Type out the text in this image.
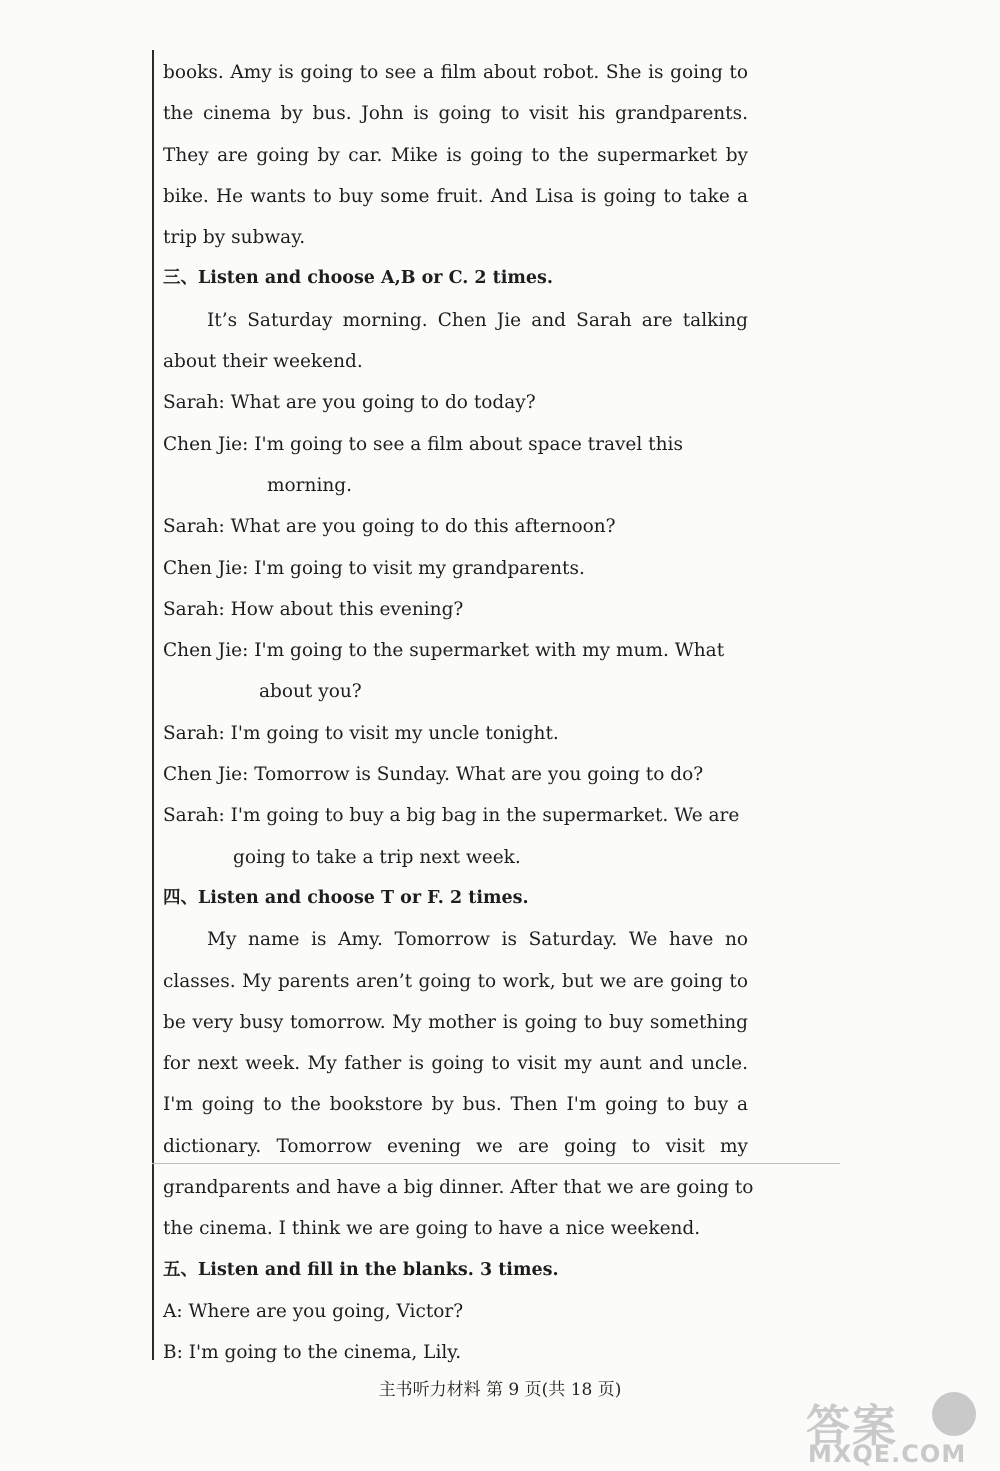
books. Amy is going to see a film about robot. She is going to
the cinema by bus. John is going to visit his grandparents.
They are going by car. Mike is going to the supermarket by
bike. He wants to buy some fruit. And Lisa is going to take a
trip by subway.
三、Listen and choose A,B or C. 2 times.
It’s Saturday morning. Chen Jie and Sarah are talking
about their weekend.
Sarah: What are you going to do today?
Chen Jie: I'm going to see a film about space travel this
morning.
Sarah: What are you going to do this afternoon?
Chen Jie: I'm going to visit my grandparents.
Sarah: How about this evening?
Chen Jie: I'm going to the supermarket with my mum. What
about you?
Sarah: I'm going to visit my uncle tonight.
Chen Jie: Tomorrow is Sunday. What are you going to do?
Sarah: I'm going to buy a big bag in the supermarket. We are
going to take a trip next week.
四、Listen and choose T or F. 2 times.
My name is Amy. Tomorrow is Saturday. We have no
classes. My parents aren’t going to work, but we are going to
be very busy tomorrow. My mother is going to buy something
for next week. My father is going to visit my aunt and uncle.
I'm going to the bookstore by bus. Then I'm going to buy a
dictionary. Tomorrow evening we are going to visit my
grandparents and have a big dinner. After that we are going to
the cinema. I think we are going to have a nice weekend.
五、Listen and fill in the blanks. 3 times.
A: Where are you going, Victor?
B: I'm going to the cinema, Lily.
主书听力材料 第 9 页(共 18 页)
答案
MXQE.COM
